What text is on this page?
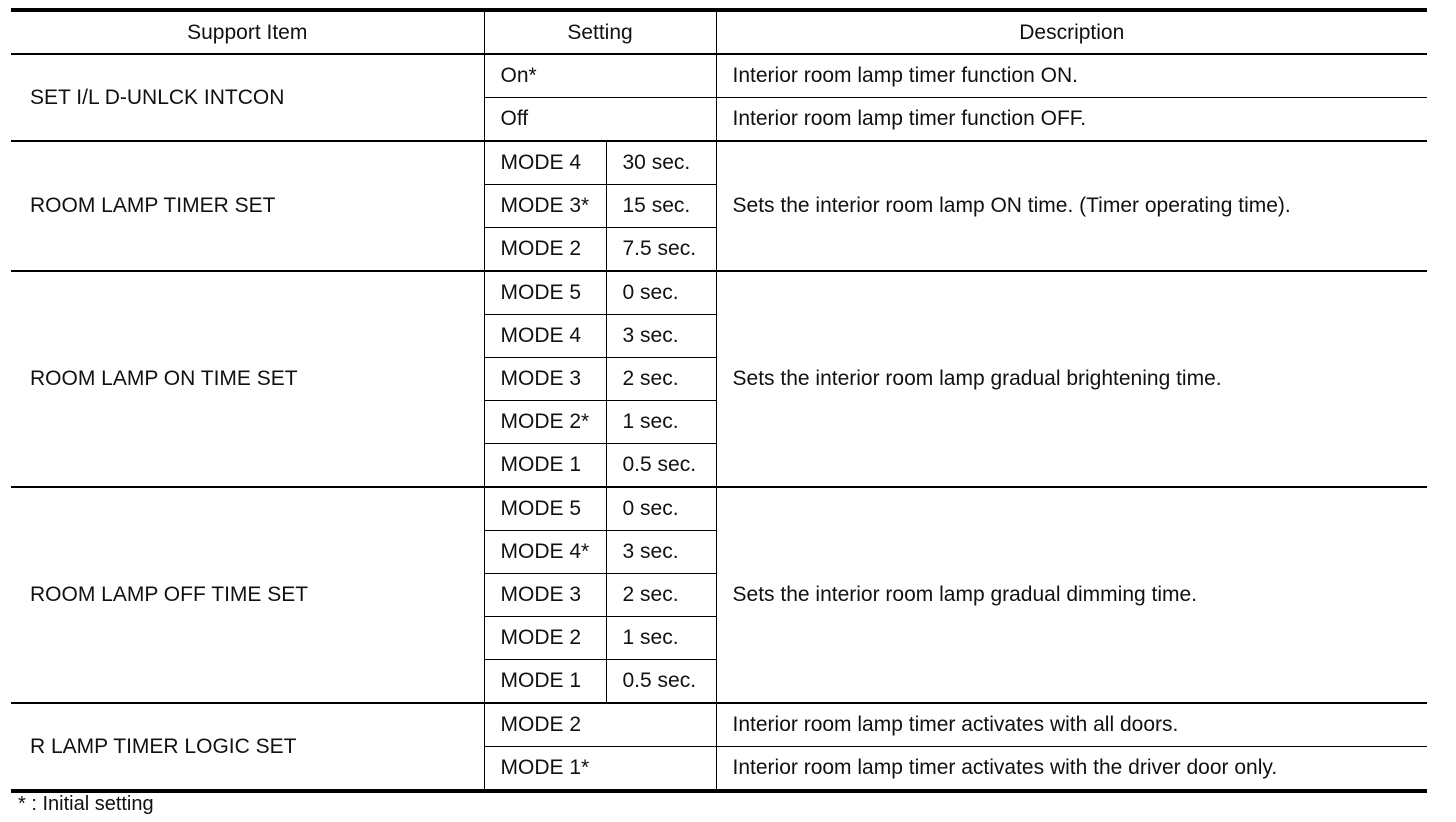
Support Item	Setting		Description
SET I/L D-UNLCK INTCON	On*		Interior room lamp timer function ON.
	Off		Interior room lamp timer function OFF.
ROOM LAMP TIMER SET	MODE 4	30 sec.	Sets the interior room lamp ON time. (Timer operating time).
	MODE 3*	15 sec.	
	MODE 2	7.5 sec.	
ROOM LAMP ON TIME SET	MODE 5	0 sec.	Sets the interior room lamp gradual brightening time.
	MODE 4	3 sec.	
	MODE 3	2 sec.	
	MODE 2*	1 sec.	
	MODE 1	0.5 sec.	
ROOM LAMP OFF TIME SET	MODE 5	0 sec.	Sets the interior room lamp gradual dimming time.
	MODE 4*	3 sec.	
	MODE 3	2 sec.	
	MODE 2	1 sec.	
	MODE 1	0.5 sec.	
R LAMP TIMER LOGIC SET	MODE 2		Interior room lamp timer activates with all doors.
	MODE 1*		Interior room lamp timer activates with the driver door only.
* : Initial setting
